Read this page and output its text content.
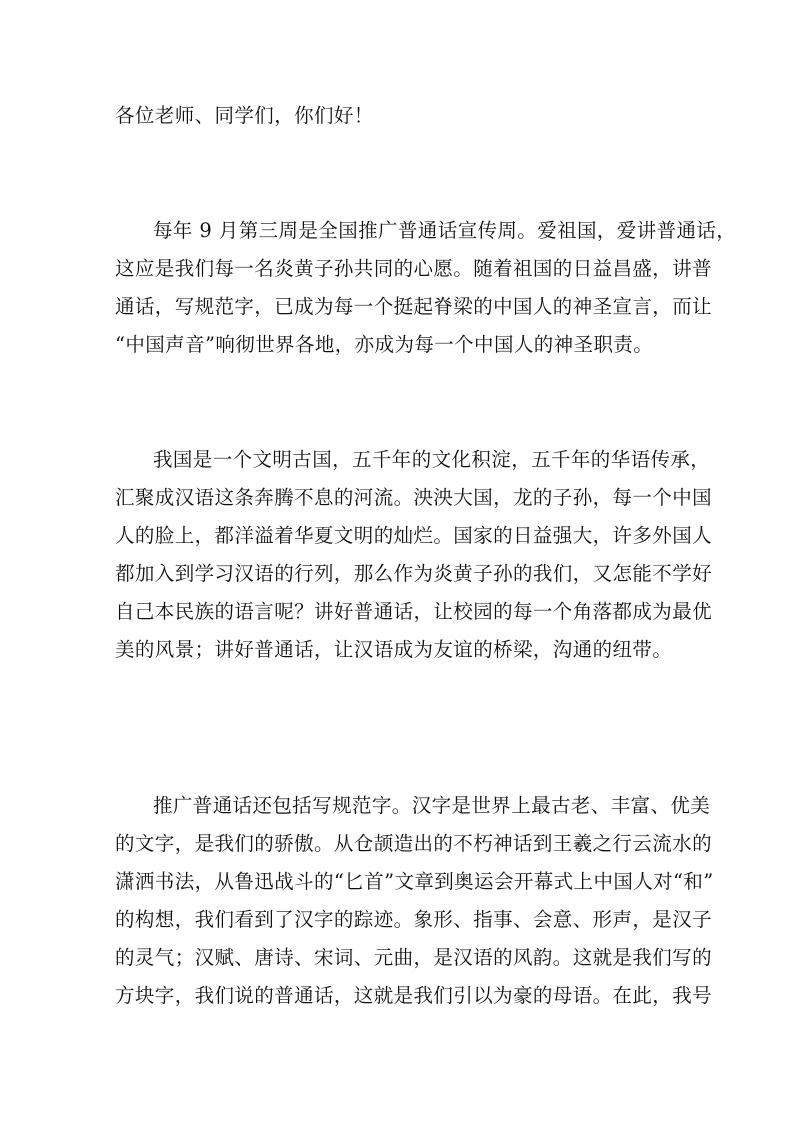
各位老师、同学们，你们好！
每年 9 月第三周是全国推广普通话宣传周。爱祖国，爱讲普通话，
这应是我们每一名炎黄子孙共同的心愿。随着祖国的日益昌盛，讲普
通话，写规范字，已成为每一个挺起脊梁的中国人的神圣宣言，而让
“中国声音”响彻世界各地，亦成为每一个中国人的神圣职责。
我国是一个文明古国，五千年的文化积淀，五千年的华语传承，
汇聚成汉语这条奔腾不息的河流。泱泱大国，龙的子孙，每一个中国
人的脸上，都洋溢着华夏文明的灿烂。国家的日益强大，许多外国人
都加入到学习汉语的行列，那么作为炎黄子孙的我们，又怎能不学好
自己本民族的语言呢？讲好普通话，让校园的每一个角落都成为最优
美的风景；讲好普通话，让汉语成为友谊的桥梁，沟通的纽带。
推广普通话还包括写规范字。汉字是世界上最古老、丰富、优美
的文字，是我们的骄傲。从仓颉造出的不朽神话到王羲之行云流水的
潇洒书法，从鲁迅战斗的“匕首”文章到奥运会开幕式上中国人对“和”
的构想，我们看到了汉字的踪迹。象形、指事、会意、形声，是汉子
的灵气；汉赋、唐诗、宋词、元曲，是汉语的风韵。这就是我们写的
方块字，我们说的普通话，这就是我们引以为豪的母语。在此，我号
